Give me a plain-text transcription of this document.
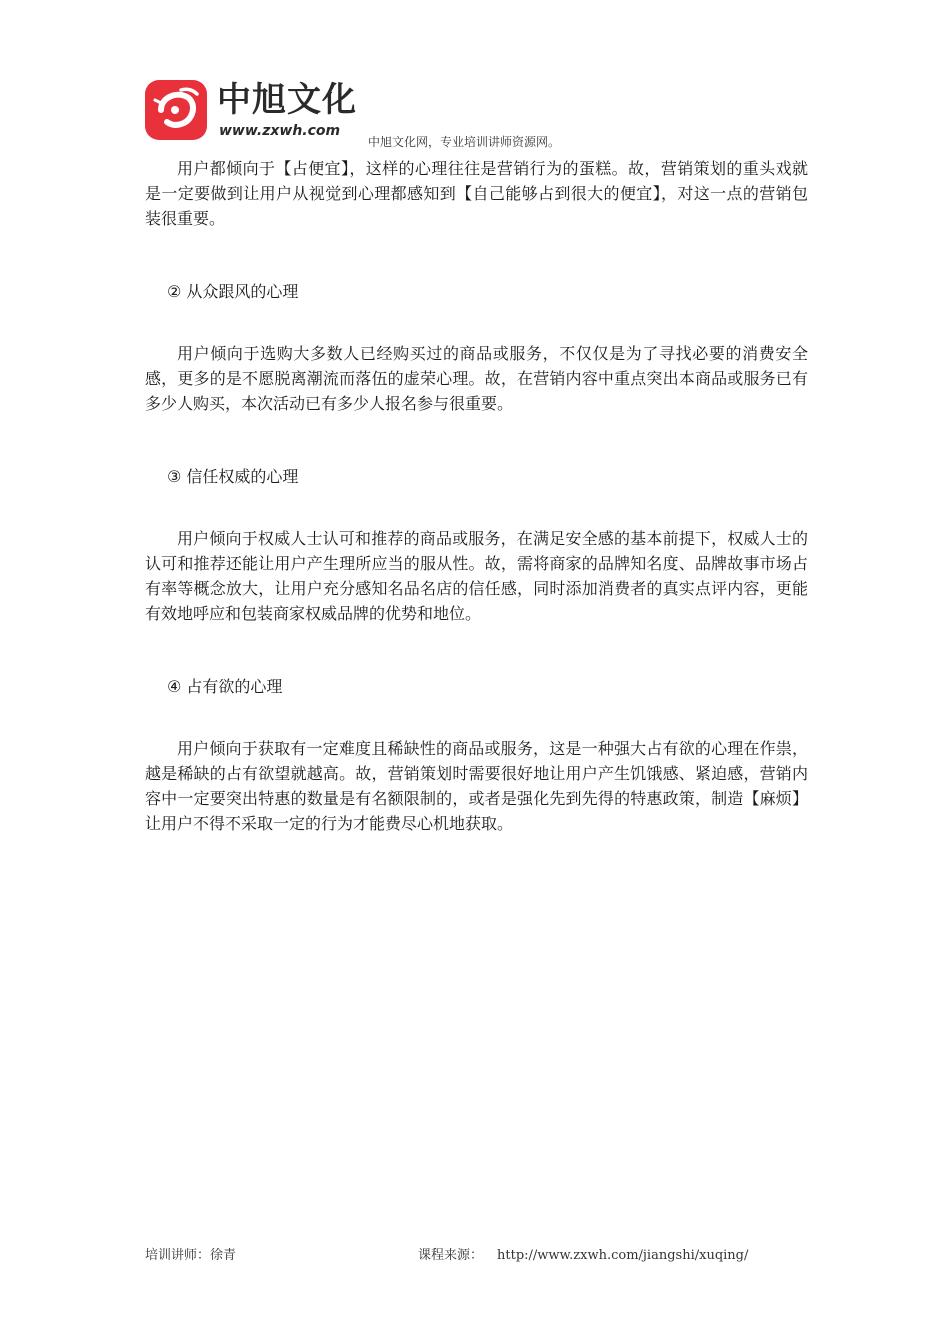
中旭文化
www.zxwh.com
中旭文化网，专业培训讲师资源网。

用户都倾向于【占便宜】，这样的心理往往是营销行为的蛋糕。故，营销策划的重头戏就是一定要做到让用户从视觉到心理都感知到【自己能够占到很大的便宜】，对这一点的营销包装很重要。

② 从众跟风的心理

用户倾向于选购大多数人已经购买过的商品或服务，不仅仅是为了寻找必要的消费安全感，更多的是不愿脱离潮流而落伍的虚荣心理。故，在营销内容中重点突出本商品或服务已有多少人购买，本次活动已有多少人报名参与很重要。

③ 信任权威的心理

用户倾向于权威人士认可和推荐的商品或服务，在满足安全感的基本前提下，权威人士的认可和推荐还能让用户产生理所应当的服从性。故，需将商家的品牌知名度、品牌故事市场占有率等概念放大，让用户充分感知名品名店的信任感，同时添加消费者的真实点评内容，更能有效地呼应和包装商家权威品牌的优势和地位。

④ 占有欲的心理

用户倾向于获取有一定难度且稀缺性的商品或服务，这是一种强大占有欲的心理在作祟，越是稀缺的占有欲望就越高。故，营销策划时需要很好地让用户产生饥饿感、紧迫感，营销内容中一定要突出特惠的数量是有名额限制的，或者是强化先到先得的特惠政策，制造【麻烦】让用户不得不采取一定的行为才能费尽心机地获取。

培训讲师：徐青	课程来源： http://www.zxwh.com/jiangshi/xuqing/
